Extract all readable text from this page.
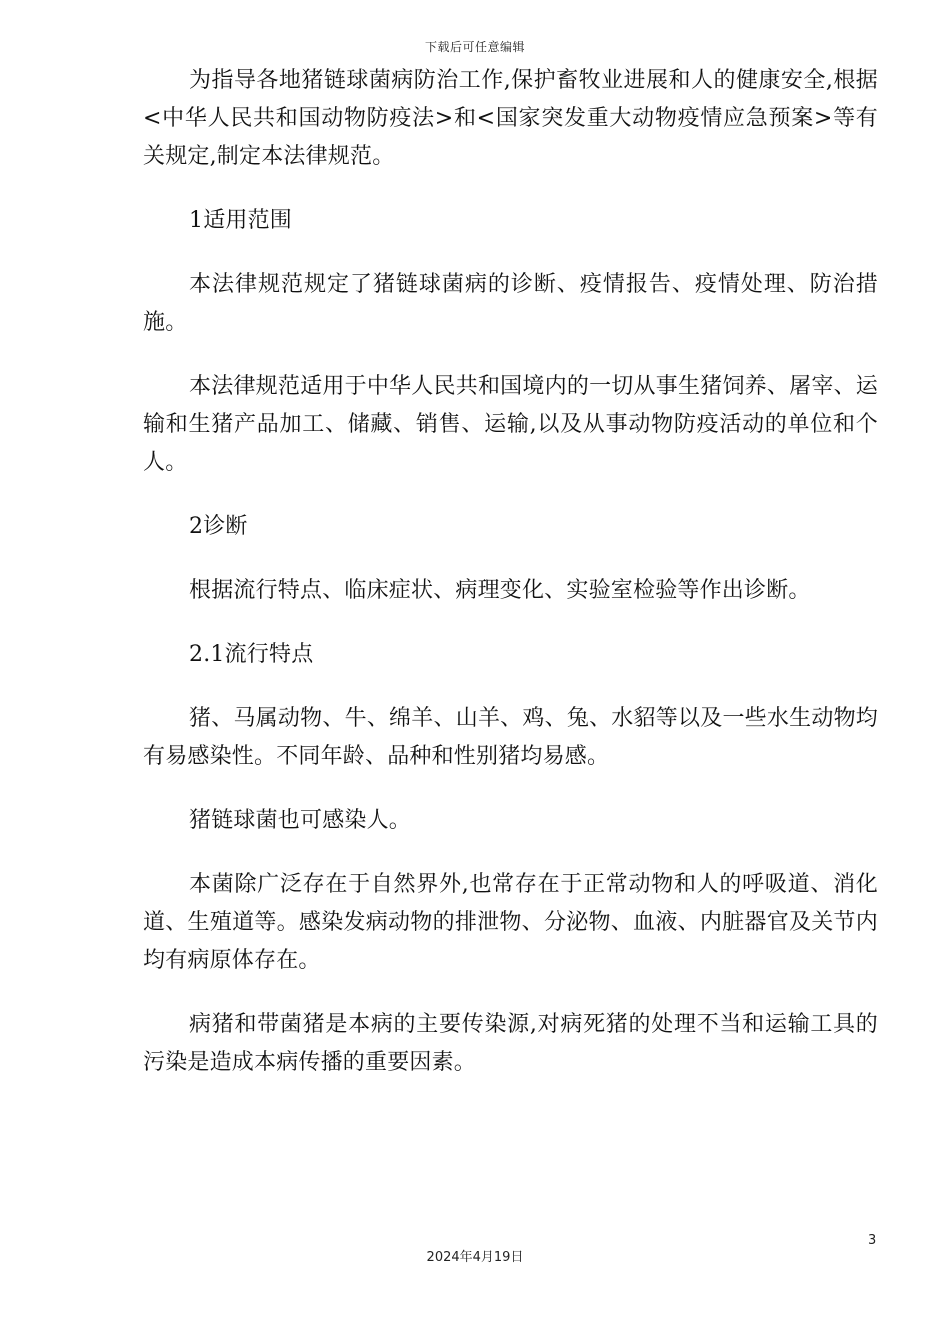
下载后可任意编辑

为指导各地猪链球菌病防治工作,保护畜牧业进展和人的健康安全,根据<中华人民共和国动物防疫法>和<国家突发重大动物疫情应急预案>等有关规定,制定本法律规范。

1适用范围

本法律规范规定了猪链球菌病的诊断、疫情报告、疫情处理、防治措施。

本法律规范适用于中华人民共和国境内的一切从事生猪饲养、屠宰、运输和生猪产品加工、储藏、销售、运输,以及从事动物防疫活动的单位和个人。

2诊断

根据流行特点、临床症状、病理变化、实验室检验等作出诊断。

2.1流行特点

猪、马属动物、牛、绵羊、山羊、鸡、兔、水貂等以及一些水生动物均有易感染性。不同年龄、品种和性别猪均易感。

猪链球菌也可感染人。

本菌除广泛存在于自然界外,也常存在于正常动物和人的呼吸道、消化道、生殖道等。感染发病动物的排泄物、分泌物、血液、内脏器官及关节内均有病原体存在。

病猪和带菌猪是本病的主要传染源,对病死猪的处理不当和运输工具的污染是造成本病传播的重要因素。

3
2024年4月19日
